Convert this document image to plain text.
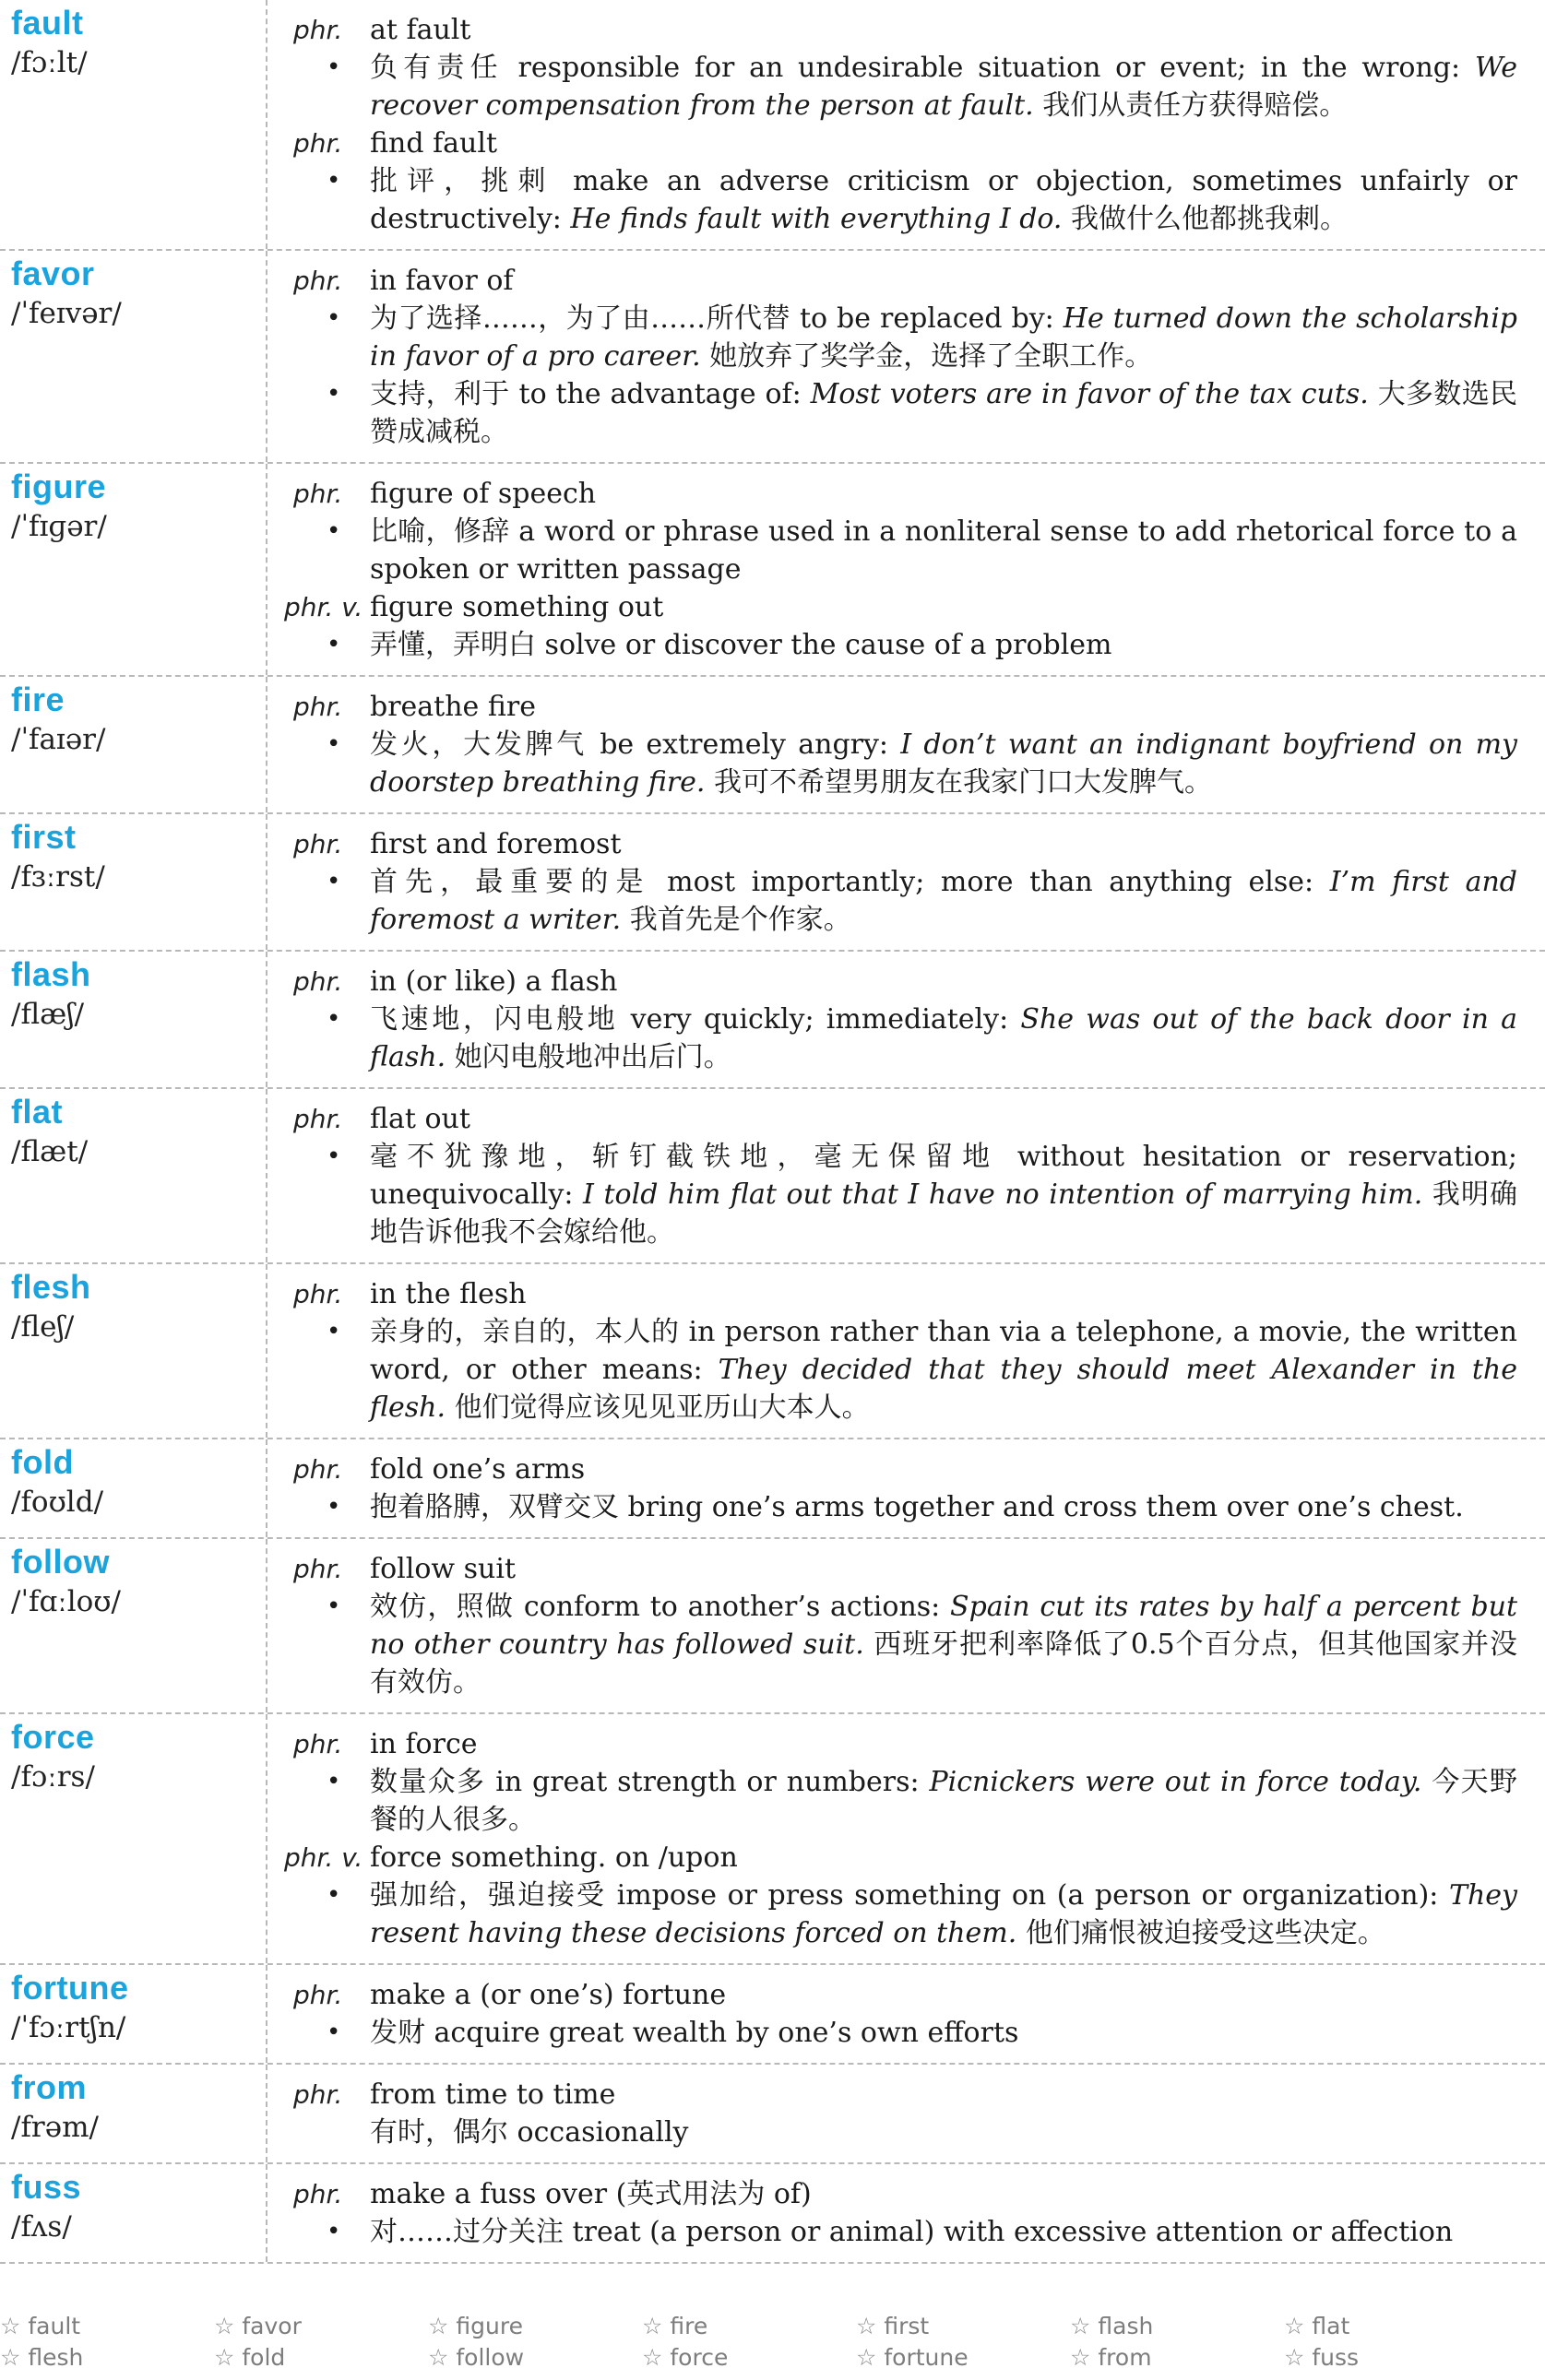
fault
/fɔːlt/
phr. at fault
•	负有责任 responsible for an undesirable situation or event; in the wrong: We recover compensation from the person at fault. 我们从责任方获得赔偿。
phr. find fault
•	批评，挑刺 make an adverse criticism or objection, sometimes unfairly or destructively: He finds fault with everything I do. 我做什么他都挑我刺。
favor
/ˈfeɪvər/
phr. in favor of
•	为了选择……，为了由……所代替 to be replaced by: He turned down the scholarship in favor of a pro career. 她放弃了奖学金，选择了全职工作。
•	支持，利于 to the advantage of: Most voters are in favor of the tax cuts. 大多数选民赞成减税。
figure
/ˈfɪɡər/
phr. figure of speech
•	比喻，修辞 a word or phrase used in a nonliteral sense to add rhetorical force to a spoken or written passage
phr. v. figure something out
•	弄懂，弄明白 solve or discover the cause of a problem
fire
/ˈfaɪər/
phr. breathe fire
•	发火，大发脾气 be extremely angry: I don’t want an indignant boyfriend on my doorstep breathing fire. 我可不希望男朋友在我家门口大发脾气。
first
/fɜːrst/
phr. first and foremost
•	首先，最重要的是 most importantly; more than anything else: I’m first and foremost a writer. 我首先是个作家。
flash
/flæʃ/
phr. in (or like) a flash
•	飞速地，闪电般地 very quickly; immediately: She was out of the back door in a flash. 她闪电般地冲出后门。
flat
/flæt/
phr. flat out
•	毫不犹豫地，斩钉截铁地，毫无保留地 without hesitation or reservation; unequivocally: I told him flat out that I have no intention of marrying him. 我明确地告诉他我不会嫁给他。
flesh
/fleʃ/
phr. in the flesh
•	亲身的，亲自的，本人的 in person rather than via a telephone, a movie, the written word, or other means: They decided that they should meet Alexander in the flesh. 他们觉得应该见见亚历山大本人。
fold
/foʊld/
phr. fold one’s arms
•	抱着胳膊，双臂交叉 bring one’s arms together and cross them over one’s chest.
follow
/ˈfɑːloʊ/
phr. follow suit
•	效仿，照做 conform to another’s actions: Spain cut its rates by half a percent but no other country has followed suit. 西班牙把利率降低了0.5个百分点，但其他国家并没有效仿。
force
/fɔːrs/
phr. in force
•	数量众多 in great strength or numbers: Picnickers were out in force today. 今天野餐的人很多。
phr. v. force something. on /upon
•	强加给，强迫接受 impose or press something on (a person or organization): They resent having these decisions forced on them. 他们痛恨被迫接受这些决定。
fortune
/ˈfɔːrtʃn/
phr. make a (or one’s) fortune
•	发财 acquire great wealth by one’s own efforts
from
/frəm/
phr. from time to time
有时，偶尔 occasionally
fuss
/fʌs/
phr. make a fuss over (英式用法为 of)
•	对……过分关注 treat (a person or animal) with excessive attention or affection
☆ fault	☆ favor	☆ figure	☆ fire	☆ first	☆ flash	☆ flat
☆ flesh	☆ fold	☆ follow	☆ force	☆ fortune	☆ from	☆ fuss
